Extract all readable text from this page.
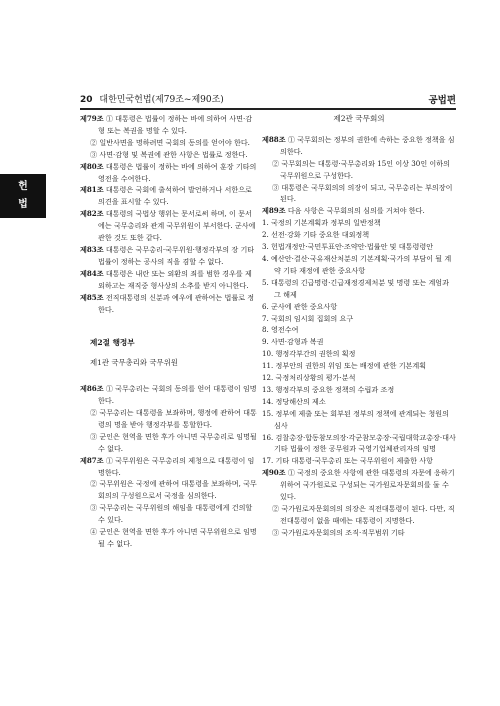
20 대한민국헌법(제79조~제90조)	공법편
헌
법

제79조 ① 대통령은 법률이 정하는 바에 의하여 사면·감형 또는 복권을 명할 수 있다.

② 일반사면을 명하려면 국회의 동의를 얻어야 한다.

③ 사면·감형 및 복권에 관한 사항은 법률로 정한다.

제80조 대통령은 법률이 정하는 바에 의하여 훈장 기타의 영전을 수여한다.

제81조 대통령은 국회에 출석하여 발언하거나 서한으로 의견을 표시할 수 있다.

제82조 대통령의 국법상 행위는 문서로써 하며, 이 문서에는 국무총리와 관계 국무위원이 부서한다. 군사에 관한 것도 또한 같다.

제83조 대통령은 국무총리·국무위원·행정각부의 장 기타 법률이 정하는 공사의 직을 겸할 수 없다.

제84조 대통령은 내란 또는 외환의 죄를 범한 경우를 제외하고는 재직중 형사상의 소추를 받지 아니한다.

제85조 전직대통령의 신분과 예우에 관하여는 법률로 정한다.

제2절 행정부
제1관 국무총리와 국무위원

제86조 ① 국무총리는 국회의 동의를 얻어 대통령이 임명한다.

② 국무총리는 대통령을 보좌하며, 행정에 관하여 대통령의 명을 받아 행정각부를 통할한다.

③ 군인은 현역을 면한 후가 아니면 국무총리로 임명될 수 없다.

제87조 ① 국무위원은 국무총리의 제청으로 대통령이 임명한다.

② 국무위원은 국정에 관하여 대통령을 보좌하며, 국무회의의 구성원으로서 국정을 심의한다.

③ 국무총리는 국무위원의 해임을 대통령에게 건의할 수 있다.

④ 군인은 현역을 면한 후가 아니면 국무위원으로 임명될 수 없다.

제2관 국무회의

제88조 ① 국무회의는 정부의 권한에 속하는 중요한 정책을 심의한다.

② 국무회의는 대통령·국무총리와 15인 이상 30인 이하의 국무위원으로 구성한다.

③ 대통령은 국무회의의 의장이 되고, 국무총리는 부의장이 된다.

제89조 다음 사항은 국무회의의 심의를 거쳐야 한다.

1. 국정의 기본계획과 정부의 일반정책

2. 선전·강화 기타 중요한 대외정책

3. 헌법개정안·국민투표안·조약안·법률안 및 대통령령안

4. 예산안·결산·국유재산처분의 기본계획·국가의 부담이 될 계약 기타 재정에 관한 중요사항

5. 대통령의 긴급명령·긴급재정경제처분 및 명령 또는 계엄과 그 해제

6. 군사에 관한 중요사항

7. 국회의 임시회 집회의 요구

8. 영전수여

9. 사면·감형과 복권

10. 행정각부간의 권한의 획정

11. 정부안의 권한의 위임 또는 배정에 관한 기본계획

12. 국정처리상황의 평가·분석

13. 행정각부의 중요한 정책의 수립과 조정

14. 정당해산의 제소

15. 정부에 제출 또는 회부된 정부의 정책에 관계되는 청원의 심사

16. 검찰총장·합동참모의장·각군참모총장·국립대학교총장·대사 기타 법률이 정한 공무원과 국영기업체관리자의 임명

17. 기타 대통령·국무총리 또는 국무위원이 제출한 사항

제90조 ① 국정의 중요한 사항에 관한 대통령의 자문에 응하기 위하여 국가원로로 구성되는 국가원로자문회의를 둘 수 있다.

② 국가원로자문회의의 의장은 직전대통령이 된다. 다만, 직전대통령이 없을 때에는 대통령이 지명한다.

③ 국가원로자문회의의 조직·직무범위 기타
